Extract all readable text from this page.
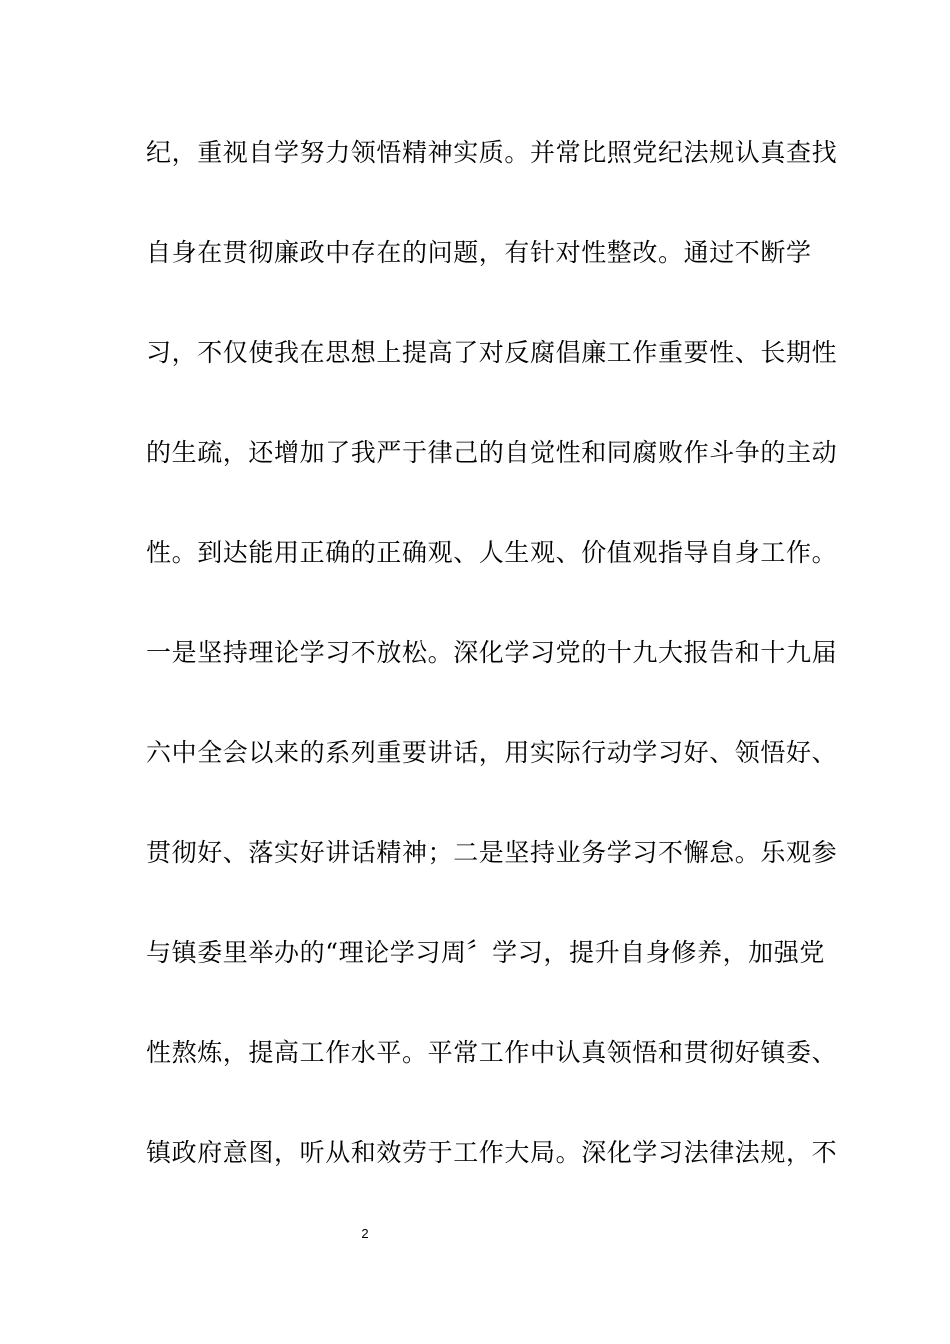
纪，重视自学努力领悟精神实质。并常比照党纪法规认真查找
自身在贯彻廉政中存在的问题，有针对性整改。通过不断学
习，不仅使我在思想上提高了对反腐倡廉工作重要性、长期性
的生疏，还增加了我严于律己的自觉性和同腐败作斗争的主动
性。到达能用正确的正确观、人生观、价值观指导自身工作。
一是坚持理论学习不放松。深化学习党的十九大报告和十九届
六中全会以来的系列重要讲话，用实际行动学习好、领悟好、
贯彻好、落实好讲话精神；二是坚持业务学习不懈怠。乐观参
与镇委里举办的“理论学习周〞学习，提升自身修养，加强党
性熬炼，提高工作水平。平常工作中认真领悟和贯彻好镇委、
镇政府意图，听从和效劳于工作大局。深化学习法律法规，不
2
